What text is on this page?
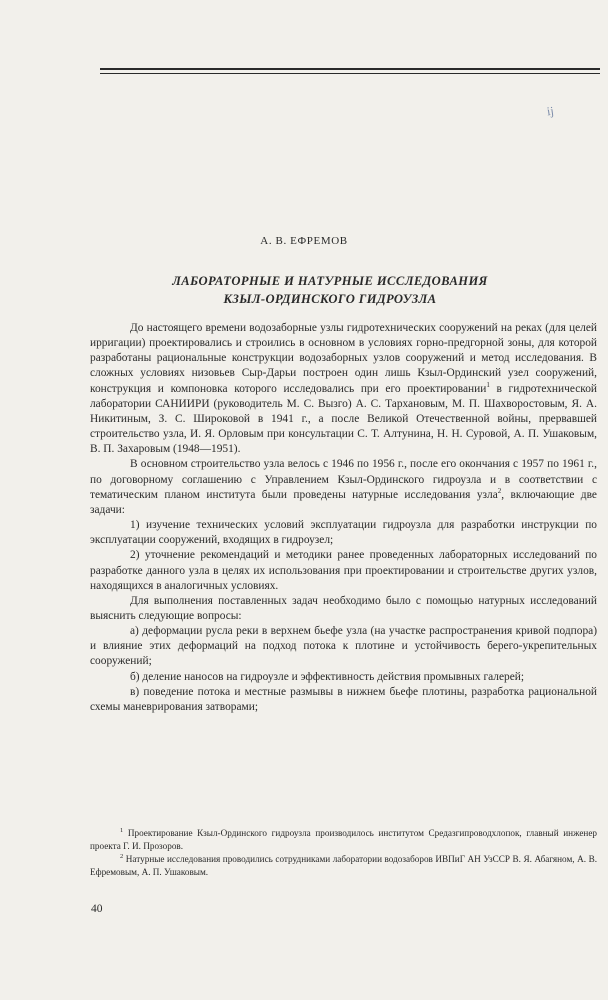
ij
А. В. ЕФРЕМОВ
ЛАБОРАТОРНЫЕ И НАТУРНЫЕ ИССЛЕДОВАНИЯ
КЗЫЛ-ОРДИНСКОГО ГИДРОУЗЛА

До настоящего времени водозаборные узлы гидротехнических сооружений на реках (для целей ирригации) проектировались и строились в основном в условиях горно-предгорной зоны, для которой разработаны рациональные конструкции водозаборных узлов сооружений и метод исследования. В сложных условиях низовьев Сыр-Дарьи построен один лишь Кзыл-Ординский узел сооружений, конструкция и компоновка которого исследовались при его проектировании$^1$ в гидротехнической лаборатории САНИИРИ (руководитель М. С. Вызго) А. С. Тархановым, М. П. Шахворостовым, Я. А. Никитиным, З. С. Широковой в 1941 г., а после Великой Отечественной войны, прервавшей строительство узла, И. Я. Орловым при консультации С. Т. Алтунина, Н. Н. Суровой, А. П. Ушаковым, В. П. Захаровым (1948—1951).

В основном строительство узла велось с 1946 по 1956 г., после его окончания с 1957 по 1961 г., по договорному соглашению с Управлением Кзыл-Ординского гидроузла и в соответствии с тематическим планом института были проведены натурные исследования узла$^2$, включающие две задачи:

1) изучение технических условий эксплуатации гидроузла для разработки инструкции по эксплуатации сооружений, входящих в гидроузел;

2) уточнение рекомендаций и методики ранее проведенных лабораторных исследований по разработке данного узла в целях их использования при проектировании и строительстве других узлов, находящихся в аналогичных условиях.

Для выполнения поставленных задач необходимо было с помощью натурных исследований выяснить следующие вопросы:

а) деформации русла реки в верхнем бьефе узла (на участке распространения кривой подпора) и влияние этих деформаций на подход потока к плотине и устойчивость берего-укрепительных сооружений;

б) деление наносов на гидроузле и эффективность действия промывных галерей;

в) поведение потока и местные размывы в нижнем бьефе плотины, разработка рациональной схемы маневрирования затворами;

$^1$ Проектирование Кзыл-Ординского гидроузла производилось институтом Средазгипроводхлопок, главный инженер проекта Г. И. Прозоров.

$^2$ Натурные исследования проводились сотрудниками лаборатории водозаборов ИВПиГ АН УзССР В. Я. Абагяном, А. В. Ефремовым, А. П. Ушаковым.

40
